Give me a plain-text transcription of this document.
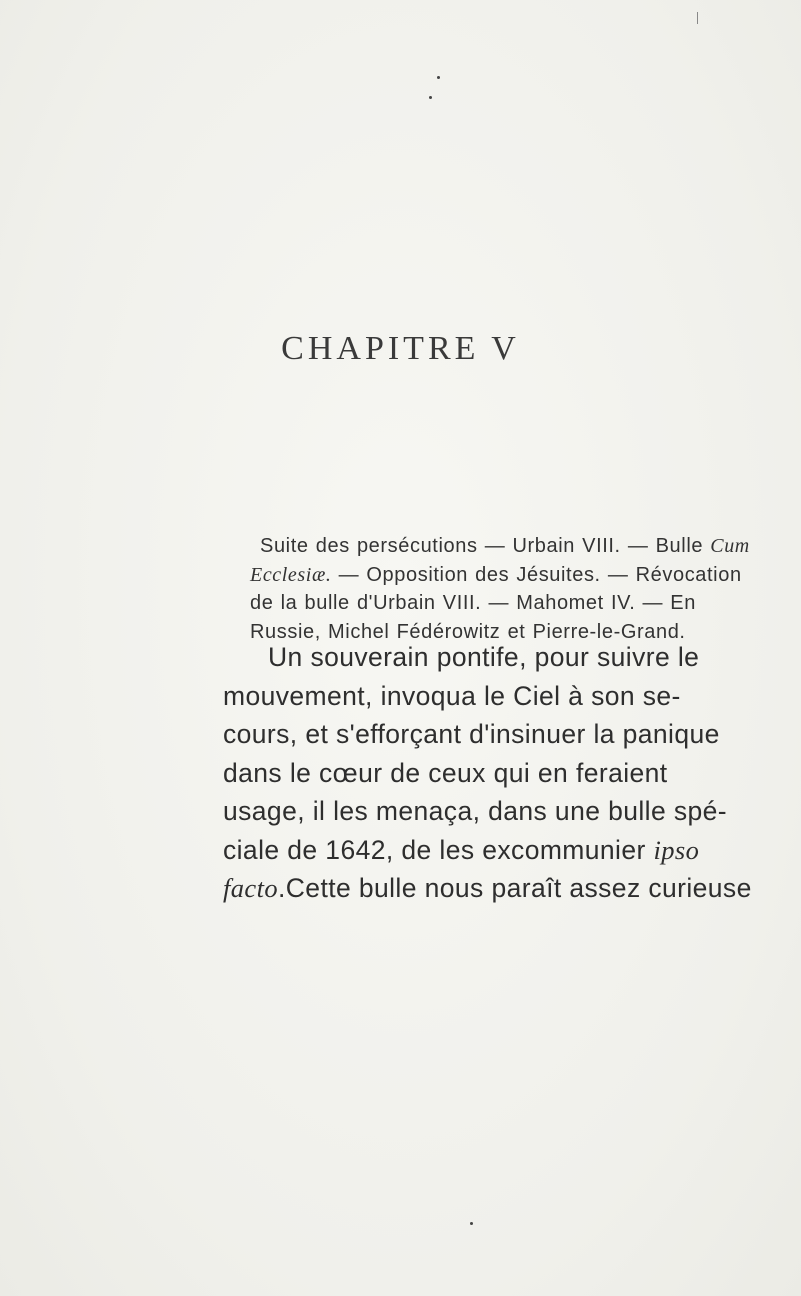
CHAPITRE V
Suite des persécutions — Urbain VIII. — Bulle Cum
Ecclesiæ. — Opposition des Jésuites. — Révocation
de la bulle d'Urbain VIII. — Mahomet IV. — En
Russie, Michel Fédérowitz et Pierre-le-Grand.
Un souverain pontife, pour suivre le
mouvement, invoqua le Ciel à son se-
cours, et s'efforçant d'insinuer la panique
dans le cœur de ceux qui en feraient
usage, il les menaça, dans une bulle spé-
ciale de 1642, de les excommunier ipso
facto.Cette bulle nous paraît assez curieuse
